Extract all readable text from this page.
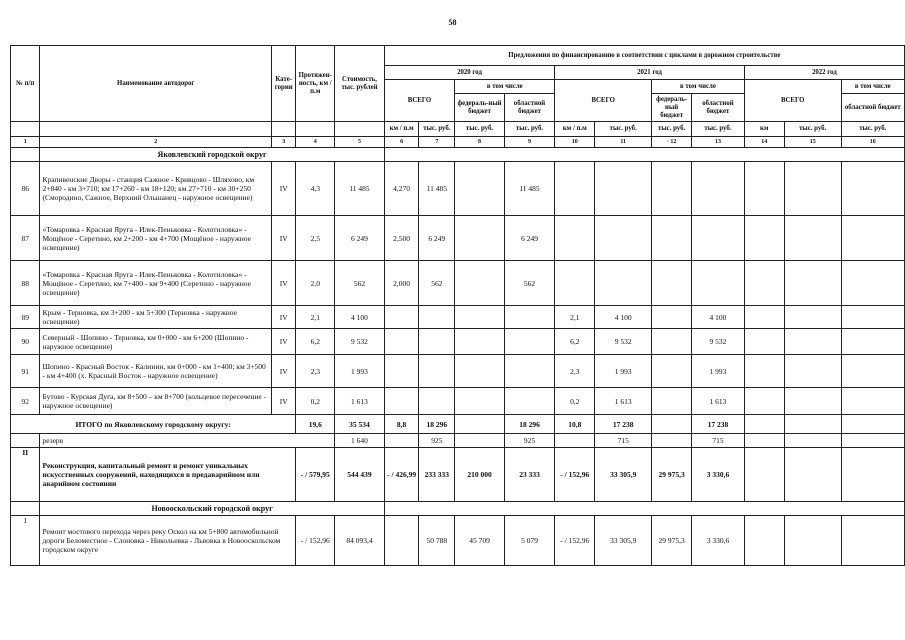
58
№ п/п	Наименование автодорог	Кате-гории	Протяжен-ность, км / п.м	Стоимость, тыс. рублей	Предложения по финансированию в соответствии с циклами в дорожном строительстве										
					2020 год				2021 год				2022 год		
					ВСЕГО		в том числе		ВСЕГО		в том числе		ВСЕГО		в том числе
							федераль-ный бюджет	областной бюджет			федераль-ный бюджет	областной бюджет			областной бюджет
					км / п.м	тыс. руб.	тыс. руб.	тыс. руб.	км / п.м	тыс. руб.	тыс. руб.	тыс. руб.	км	тыс. руб.	тыс. руб.
1	2	3	4	5	6	7	8	9	10	11	· 12	13	14	15	16
	Яковлевский городской округ														
86	Крапивенские Дворы - станция Сажное - Кривцово - Шляхово, км 2+840 - км 3+710; км 17+260 - км 18+120; км 27+710 - км 30+250 (Смородино, Сажное, Верхний Ольшанец - наружное освещение)	IV	4,3	11 485	4,270	11 485		11 485							
87	«Томаровка - Красная Яруга - Илек-Пеньковка - Колотиловка» - Мощёное - Серетино, км 2+200 - км 4+700 (Мощёное - наружное освещение)	IV	2,5	6 249	2,500	6 249		6 249							
88	«Томаровка - Красная Яруга - Илек-Пеньковка - Колотиловка» - Мощёное - Серетино, км 7+400 - км 9+400 (Серетино - наружное освещение)	IV	2,0	562	2,000	562		562							
89	Крым - Терновка, км 3+200 - км 5+300 (Терновка - наружное освещение)	IV	2,1	4 100					2,1	4 100		4 100			
90	Северный - Шопино - Терновка, км 0+000 - км 6+200 (Шопино - наружное освещение)	IV	6,2	9 532					6,2	9 532		9 532			
91	Шопино - Красный Восток - Калинин, км 0+000 - км 1+400; км 3+500 - км 4+400 (х. Красный Восток - наружное освещение)	IV	2,3	1 993					2,3	1 993		1 993			
92	Бутово - Курская Дуга, км 8+500 – км 8+700 (кольцевое пересечение - наружное освещение)	IV	0,2	1 613					0,2	1 613		1 613			
ИТОГО по Яковлевскому городскому округу:			19,6	35 534	8,8	18 296		18 296	10,8	17 238		17 238			
	резерв			1 640		925		925		715		715			
II	Реконструкция, капитальный ремонт и ремонт уникальных искусственных сооружений, находящихся в предаварийном или аварийном состоянии		- / 579,95	544 439	- / 426,99	233 333	210 000	23 333	- / 152,96	33 305,9	29 975,3	3 330,6			
	Новооскольский городской округ														
1	Ремонт мостового перехода через реку Оскол на км 5+800 автомобильной дороги Беломестное - Слоновка - Никольевка - Львовка в Новооскольском городском округе		- / 152,96	84 093,4		50 788	45 709	5 079	- / 152,96	33 305,9	29 975,3	3 330,6			
